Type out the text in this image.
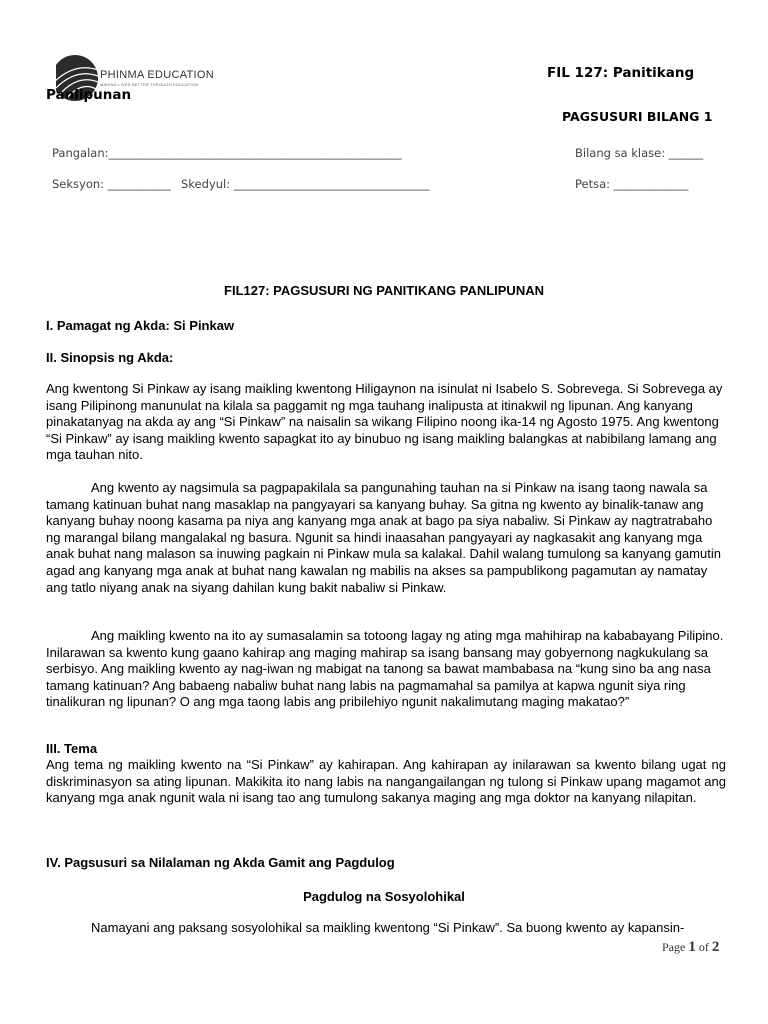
PHINMA EDUCATION
MAKING LIVES BETTER THROUGH EDUCATION
FIL 127: Panitikang
Panlipunan
PAGSUSURI BILANG 1
Pangalan:___________________________________________________	Bilang sa klase: ______
Seksyon: ___________ Skedyul: __________________________________	Petsa: _____________
FIL127: PAGSUSURI NG PANITIKANG PANLIPUNAN
I. Pamagat ng Akda: Si Pinkaw
II. Sinopsis ng Akda:
Ang kwentong Si Pinkaw ay isang maikling kwentong Hiligaynon na isinulat ni Isabelo S. Sobrevega. Si Sobrevega ay isang Pilipinong manunulat na kilala sa paggamit ng mga tauhang inalipusta at itinakwil ng lipunan. Ang kanyang pinakatanyag na akda ay ang “Si Pinkaw” na naisalin sa wikang Filipino noong ika-14 ng Agosto 1975. Ang kwentong “Si Pinkaw” ay isang maikling kwento sapagkat ito ay binubuo ng isang maikling balangkas at nabibilang lamang ang mga tauhan nito.
Ang kwento ay nagsimula sa pagpapakilala sa pangunahing tauhan na si Pinkaw na isang taong nawala sa tamang katinuan buhat nang masaklap na pangyayari sa kanyang buhay. Sa gitna ng kwento ay binalik-tanaw ang kanyang buhay noong kasama pa niya ang kanyang mga anak at bago pa siya nabaliw. Si Pinkaw ay nagtratrabaho ng marangal bilang mangalakal ng basura. Ngunit sa hindi inaasahan pangyayari ay nagkasakit ang kanyang mga anak buhat nang malason sa inuwing pagkain ni Pinkaw mula sa kalakal. Dahil walang tumulong sa kanyang gamutin agad ang kanyang mga anak at buhat nang kawalan ng mabilis na akses sa pampublikong pagamutan ay namatay ang tatlo niyang anak na siyang dahilan kung bakit nabaliw si Pinkaw.
Ang maikling kwento na ito ay sumasalamin sa totoong lagay ng ating mga mahihirap na kababayang Pilipino. Inilarawan sa kwento kung gaano kahirap ang maging mahirap sa isang bansang may gobyernong nagkukulang sa serbisyo. Ang maikling kwento ay nag-iwan ng mabigat na tanong sa bawat mambabasa na “kung sino ba ang nasa tamang katinuan? Ang babaeng nabaliw buhat nang labis na pagmamahal sa pamilya at kapwa ngunit siya ring tinalikuran ng lipunan? O ang mga taong labis ang pribilehiyo ngunit nakalimutang maging makatao?”
III. Tema
Ang tema ng maikling kwento na “Si Pinkaw” ay kahirapan. Ang kahirapan ay inilarawan sa kwento bilang ugat ng diskriminasyon sa ating lipunan. Makikita ito nang labis na nangangailangan ng tulong si Pinkaw upang magamot ang kanyang mga anak ngunit wala ni isang tao ang tumulong sakanya maging ang mga doktor na kanyang nilapitan.
IV. Pagsusuri sa Nilalaman ng Akda Gamit ang Pagdulog
Pagdulog na Sosyolohikal
Namayani ang paksang sosyolohikal sa maikling kwentong “Si Pinkaw”. Sa buong kwento ay kapansin-
Page 1 of 2
